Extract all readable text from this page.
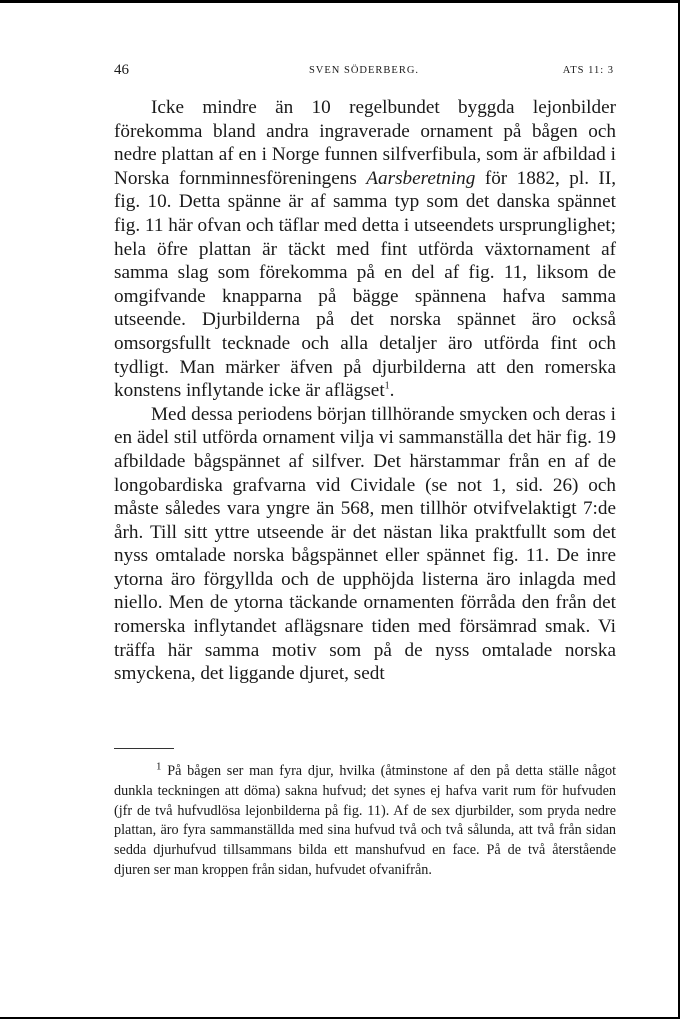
46	SVEN SÖDERBERG.	ATS 11: 3

Icke mindre än 10 regelbundet byggda lejonbilder förekomma bland andra ingraverade ornament på bågen och nedre plattan af en i Norge funnen silfverfibula, som är afbildad i Norska fornminnesföreningens Aarsberetning för 1882, pl. II, fig. 10. Detta spänne är af samma typ som det danska spännet fig. 11 här ofvan och täflar med detta i utseendets ursprunglighet; hela öfre plattan är täckt med fint utförda växtornament af samma slag som förekomma på en del af fig. 11, liksom de omgifvande knapparna på bägge spännena hafva samma utseende. Djurbilderna på det norska spännet äro också omsorgsfullt tecknade och alla detaljer äro utförda fint och tydligt. Man märker äfven på djurbilderna att den romerska konstens inflytande icke är aflägset$^1$.

Med dessa periodens början tillhörande smycken och deras i en ädel stil utförda ornament vilja vi sammanställa det här fig. 19 afbildade bågspännet af silfver. Det härstammar från en af de longobardiska grafvarna vid Cividale (se not 1, sid. 26) och måste således vara yngre än 568, men tillhör otvifvelaktigt 7:de årh. Till sitt yttre utseende är det nästan lika praktfullt som det nyss omtalade norska bågspännet eller spännet fig. 11. De inre ytorna äro förgyllda och de upphöjda listerna äro inlagda med niello. Men de ytorna täckande ornamenten förråda den från det romerska inflytandet aflägsnare tiden med försämrad smak. Vi träffa här samma motiv som på de nyss omtalade norska smyckena, det liggande djuret, sedt

$^1$ På bågen ser man fyra djur, hvilka (åtminstone af den på detta ställe något dunkla teckningen att döma) sakna hufvud; det synes ej hafva varit rum för hufvuden (jfr de två hufvudlösa lejonbilderna på fig. 11). Af de sex djurbilder, som pryda nedre plattan, äro fyra sammanställda med sina hufvud två och två sålunda, att två från sidan sedda djurhufvud tillsammans bilda ett manshufvud en face. På de två återstående djuren ser man kroppen från sidan, hufvudet ofvanifrån.
